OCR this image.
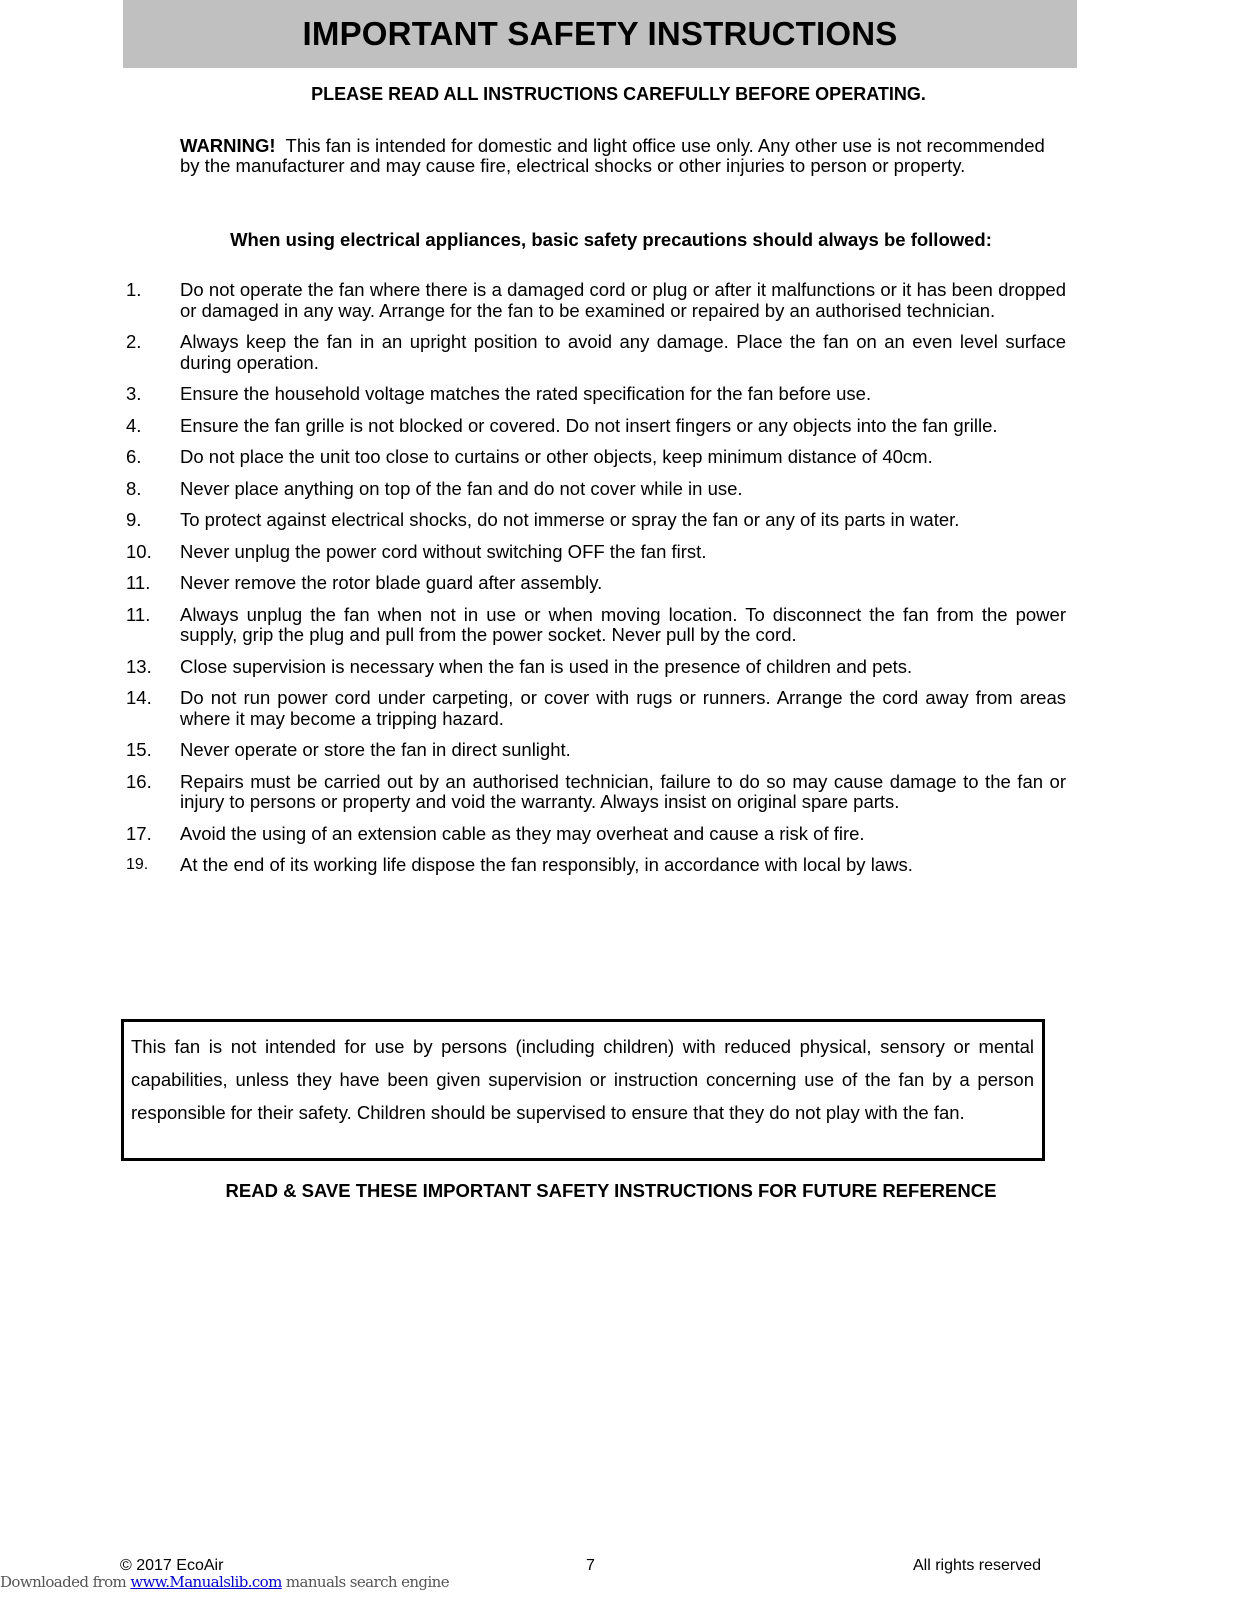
IMPORTANT SAFETY INSTRUCTIONS
PLEASE READ ALL INSTRUCTIONS CAREFULLY BEFORE OPERATING.
WARNING! This fan is intended for domestic and light office use only. Any other use is not recommended by the manufacturer and may cause fire, electrical shocks or other injuries to person or property.
When using electrical appliances, basic safety precautions should always be followed:
1.	Do not operate the fan where there is a damaged cord or plug or after it malfunctions or it has been dropped or damaged in any way. Arrange for the fan to be examined or repaired by an authorised technician.
2.	Always keep the fan in an upright position to avoid any damage. Place the fan on an even level surface during operation.
3.	Ensure the household voltage matches the rated specification for the fan before use.
4.	Ensure the fan grille is not blocked or covered. Do not insert fingers or any objects into the fan grille.
6.	Do not place the unit too close to curtains or other objects, keep minimum distance of 40cm.
8.	Never place anything on top of the fan and do not cover while in use.
9.	To protect against electrical shocks, do not immerse or spray the fan or any of its parts in water.
10.	Never unplug the power cord without switching OFF the fan first.
11.	Never remove the rotor blade guard after assembly.
11.	Always unplug the fan when not in use or when moving location. To disconnect the fan from the power supply, grip the plug and pull from the power socket. Never pull by the cord.
13.	Close supervision is necessary when the fan is used in the presence of children and pets.
14.	Do not run power cord under carpeting, or cover with rugs or runners. Arrange the cord away from areas where it may become a tripping hazard.
15.	Never operate or store the fan in direct sunlight.
16.	Repairs must be carried out by an authorised technician, failure to do so may cause damage to the fan or injury to persons or property and void the warranty. Always insist on original spare parts.
17.	Avoid the using of an extension cable as they may overheat and cause a risk of fire.
19.	At the end of its working life dispose the fan responsibly, in accordance with local by laws.

This fan is not intended for use by persons (including children) with reduced physical, sensory or mental capabilities, unless they have been given supervision or instruction concerning use of the fan by a person responsible for their safety. Children should be supervised to ensure that they do not play with the fan.

READ & SAVE THESE IMPORTANT SAFETY INSTRUCTIONS FOR FUTURE REFERENCE
© 2017 EcoAir	7	All rights reserved
Downloaded from www.Manualslib.com manuals search engine
